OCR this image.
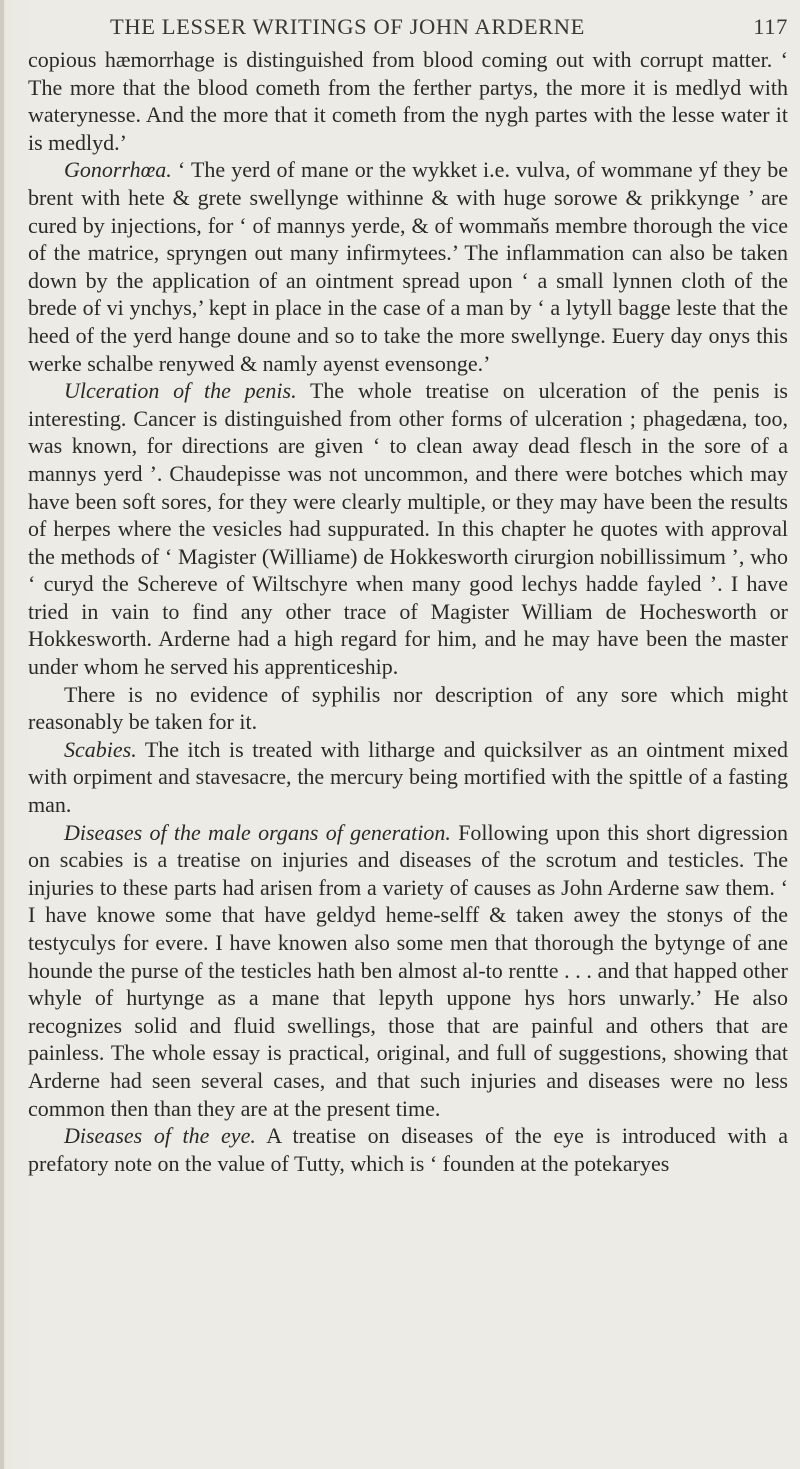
THE LESSER WRITINGS OF JOHN ARDERNE	117

copious hæmorrhage is distinguished from blood coming out with corrupt matter. ‘ The more that the blood cometh from the ferther partys, the more it is medlyd with waterynesse. And the more that it cometh from the nygh partes with the lesse water it is medlyd.’

Gonorrhœa. ‘ The yerd of mane or the wykket i.e. vulva, of wommane yf they be brent with hete & grete swellynge withinne & with huge sorowe & prikkynge ’ are cured by injections, for ‘ of mannys yerde, & of wommaňs membre thorough the vice of the matrice, spryngen out many infirmytees.’ The inflammation can also be taken down by the application of an ointment spread upon ‘ a small lynnen cloth of the brede of vi ynchys,’ kept in place in the case of a man by ‘ a lytyll bagge leste that the heed of the yerd hange doune and so to take the more swellynge. Euery day onys this werke schalbe renywed & namly ayenst evensonge.’

Ulceration of the penis. The whole treatise on ulceration of the penis is interesting. Cancer is distinguished from other forms of ulceration ; phagedæna, too, was known, for directions are given ‘ to clean away dead flesch in the sore of a mannys yerd ’. Chaudepisse was not uncommon, and there were botches which may have been soft sores, for they were clearly multiple, or they may have been the results of herpes where the vesicles had suppurated. In this chapter he quotes with approval the methods of ‘ Magister (Williame) de Hokkesworth cirurgion nobillissimum ’, who ‘ curyd the Schereve of Wiltschyre when many good lechys hadde fayled ’. I have tried in vain to find any other trace of Magister William de Hochesworth or Hokkesworth. Arderne had a high regard for him, and he may have been the master under whom he served his apprenticeship.

There is no evidence of syphilis nor description of any sore which might reasonably be taken for it.

Scabies. The itch is treated with litharge and quicksilver as an ointment mixed with orpiment and stavesacre, the mercury being mortified with the spittle of a fasting man.

Diseases of the male organs of generation. Following upon this short digression on scabies is a treatise on injuries and diseases of the scrotum and testicles. The injuries to these parts had arisen from a variety of causes as John Arderne saw them. ‘ I have knowe some that have geldyd heme-selff & taken awey the stonys of the testyculys for evere. I have knowen also some men that thorough the bytynge of ane hounde the purse of the testicles hath ben almost al-to rentte . . . and that happed other whyle of hurtynge as a mane that lepyth uppone hys hors unwarly.’ He also recognizes solid and fluid swellings, those that are painful and others that are painless. The whole essay is practical, original, and full of suggestions, showing that Arderne had seen several cases, and that such injuries and diseases were no less common then than they are at the present time.

Diseases of the eye. A treatise on diseases of the eye is introduced with a prefatory note on the value of Tutty, which is ‘ founden at the potekaryes
